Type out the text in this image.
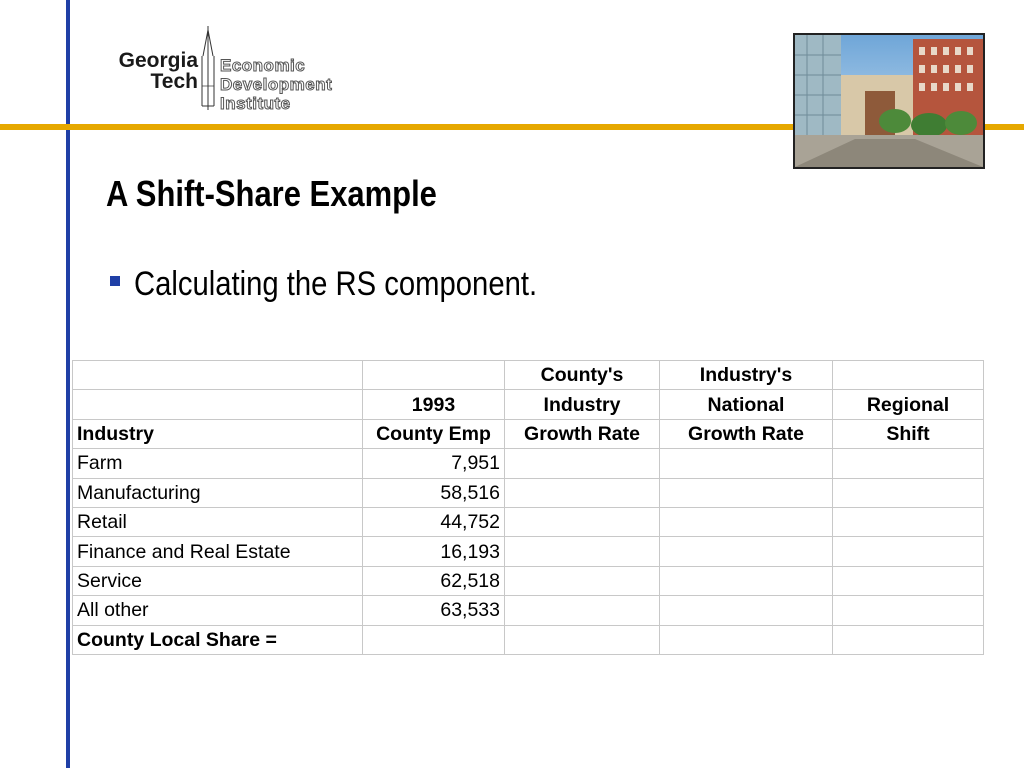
Georgia
Tech
Economic
Development
Institute
A Shift-Share Example
Calculating the RS component.
		County's	Industry's	
	1993	Industry	National	Regional
Industry	County Emp	Growth Rate	Growth Rate	Shift
Farm	7,951			
Manufacturing	58,516			
Retail	44,752			
Finance and Real Estate	16,193			
Service	62,518			
All other	63,533			
County Local Share =				
